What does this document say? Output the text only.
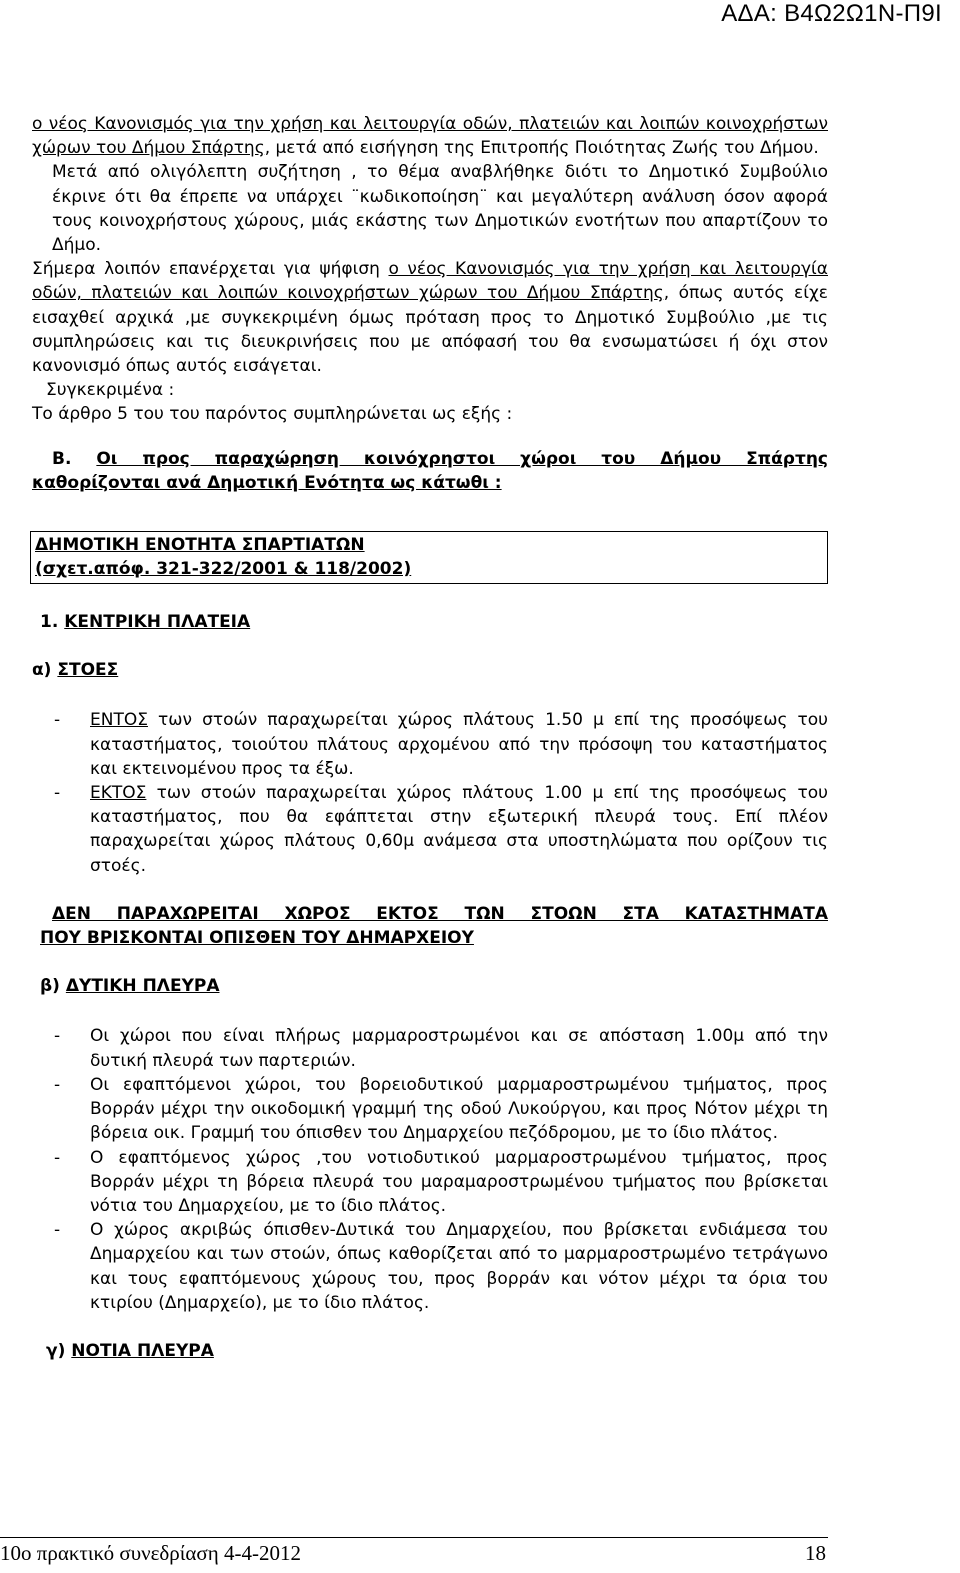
ΑΔΑ: Β4Ω2Ω1Ν-Π9Ι

ο νέος Κανονισμός για την χρήση και λειτουργία οδών, πλατειών και λοιπών κοινοχρήστων χώρων του Δήμου Σπάρτης, μετά από εισήγηση της Επιτροπής Ποιότητας Ζωής του Δήμου.

Μετά από ολιγόλεπτη συζήτηση , το θέμα αναβλήθηκε διότι το Δημοτικό Συμβούλιο έκρινε ότι θα έπρεπε να υπάρχει ¨κωδικοποίηση¨ και μεγαλύτερη ανάλυση όσον αφορά τους κοινοχρήστους χώρους, μιάς εκάστης των Δημοτικών ενοτήτων που απαρτίζουν το Δήμο.

Σήμερα λοιπόν επανέρχεται για ψήφιση ο νέος Κανονισμός για την χρήση και λειτουργία οδών, πλατειών και λοιπών κοινοχρήστων χώρων του Δήμου Σπάρτης, όπως αυτός είχε εισαχθεί αρχικά ,με συγκεκριμένη όμως πρόταση προς το Δημοτικό Συμβούλιο ,με τις συμπληρώσεις και τις διευκρινήσεις που με απόφασή του θα ενσωματώσει ή όχι στον κανονισμό όπως αυτός εισάγεται.

Συγκεκριμένα :

Το άρθρο 5 του του παρόντος συμπληρώνεται ως εξής :

Β. Οι προς παραχώρηση κοινόχρηστοι χώροι του Δήμου Σπάρτης
καθορίζονται ανά Δημοτική Ενότητα ως κάτωθι :

ΔΗΜΟΤΙΚΗ ΕΝΟΤΗΤΑ ΣΠΑΡΤΙΑΤΩΝ
(σχετ.απόφ. 321-322/2001 & 118/2002)

1. ΚΕΝΤΡΙΚΗ ΠΛΑΤΕΙΑ

α) ΣΤΟΕΣ

- ΕΝΤΟΣ των στοών παραχωρείται χώρος πλάτους 1.50 μ επί της προσόψεως του καταστήματος, τοιούτου πλάτους αρχομένου από την πρόσοψη του καταστήματος και εκτεινομένου προς τα έξω.
- ΕΚΤΟΣ των στοών παραχωρείται χώρος πλάτους 1.00 μ επί της προσόψεως του καταστήματος, που θα εφάπτεται στην εξωτερική πλευρά τους. Επί πλέον παραχωρείται χώρος πλάτους 0,60μ ανάμεσα στα υποστηλώματα που ορίζουν τις στοές.

ΔΕΝ ΠΑΡΑΧΩΡΕΙΤΑΙ ΧΩΡΟΣ ΕΚΤΟΣ ΤΩΝ ΣΤΟΩΝ ΣΤΑ ΚΑΤΑΣΤΗΜΑΤΑ
ΠΟΥ ΒΡΙΣΚΟΝΤΑΙ ΟΠΙΣΘΕΝ ΤΟΥ ΔΗΜΑΡΧΕΙΟΥ

β) ΔΥΤΙΚΗ ΠΛΕΥΡΑ

- Οι χώροι που είναι πλήρως μαρμαροστρωμένοι και σε απόσταση 1.00μ από την δυτική πλευρά των παρτεριών.
- Οι εφαπτόμενοι χώροι, του βορειοδυτικού μαρμαροστρωμένου τμήματος, προς Βορράν μέχρι την οικοδομική γραμμή της οδού Λυκούργου, και προς Νότον μέχρι τη βόρεια οικ. Γραμμή του όπισθεν του Δημαρχείου πεζόδρομου, με το ίδιο πλάτος.
- Ο εφαπτόμενος χώρος ,του νοτιοδυτικού μαρμαροστρωμένου τμήματος, προς Βορράν μέχρι τη βόρεια πλευρά του μαραμαροστρωμένου τμήματος που βρίσκεται νότια του Δημαρχείου, με το ίδιο πλάτος.
- Ο χώρος ακριβώς όπισθεν-Δυτικά του Δημαρχείου, που βρίσκεται ενδιάμεσα του Δημαρχείου και των στοών, όπως καθορίζεται από το μαρμαροστρωμένο τετράγωνο και τους εφαπτόμενους χώρους του, προς βορράν και νότον μέχρι τα όρια του κτιρίου (Δημαρχείο), με το ίδιο πλάτος.

γ) ΝΟΤΙΑ ΠΛΕΥΡΑ

10ο πρακτικό συνεδρίαση 4-4-2012	18
